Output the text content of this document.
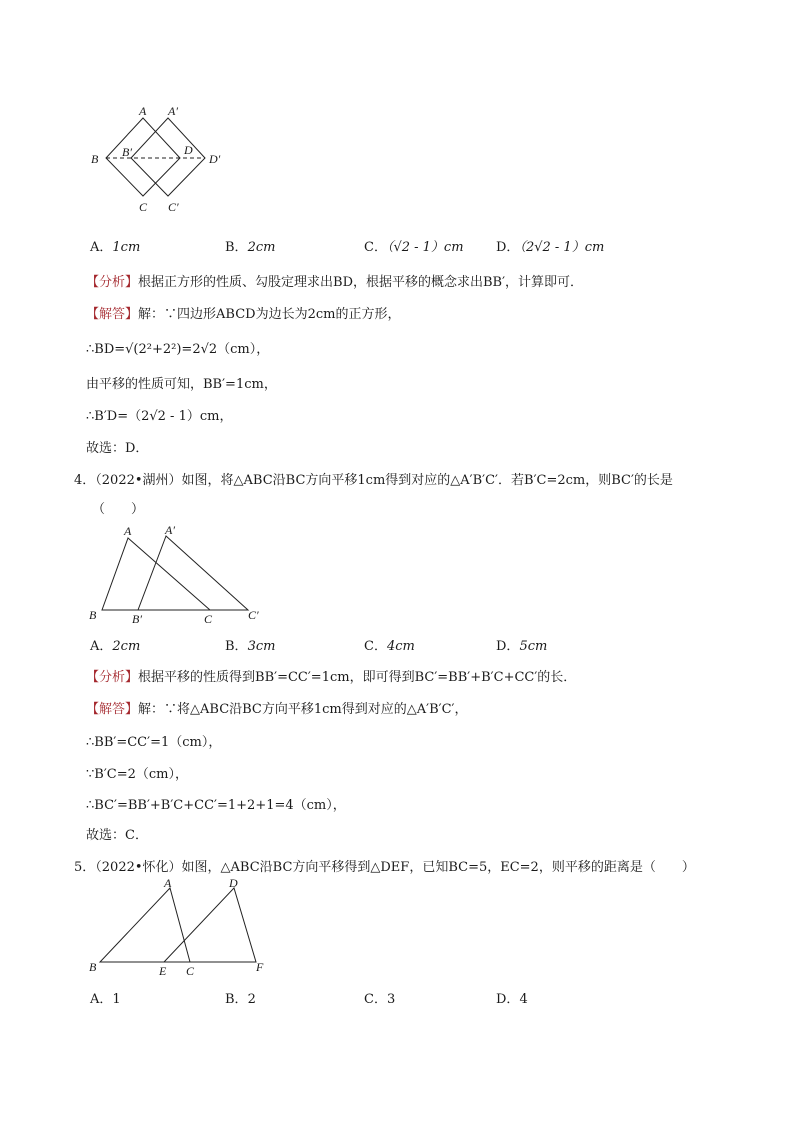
A A′
B B′	D
D′
C C′
A．1cm	B．2cm	C．（√2 - 1）cm D．（2√2 - 1）cm
【分析】根据正方形的性质、勾股定理求出BD，根据平移的概念求出BB′，计算即可．
【解答】解：∵四边形ABCD为边长为2cm的正方形，
∴BD=√(2²+2²)=2√2（cm），
由平移的性质可知，BB′=1cm，
∴B′D=（2√2 - 1）cm，
故选：D．
4．（2022•湖州）如图，将△ABC沿BC方向平移1cm得到对应的△A′B′C′．若B′C=2cm，则BC′的长是
（　　）
A	A′
B	B′	C	C′
A．2cm	B．3cm	C．4cm	D．5cm
【分析】根据平移的性质得到BB′=CC′=1cm，即可得到BC′=BB′+B′C+CC′的长．
【解答】解：∵将△ABC沿BC方向平移1cm得到对应的△A′B′C′，
∴BB′=CC′=1（cm），
∵B′C=2（cm），
∴BC′=BB′+B′C+CC′=1+2+1=4（cm），
故选：C．
5．（2022•怀化）如图，△ABC沿BC方向平移得到△DEF，已知BC=5，EC=2，则平移的距离是（　　）
A	D
B	E C	F
A．1	B．2	C．3	D．4
